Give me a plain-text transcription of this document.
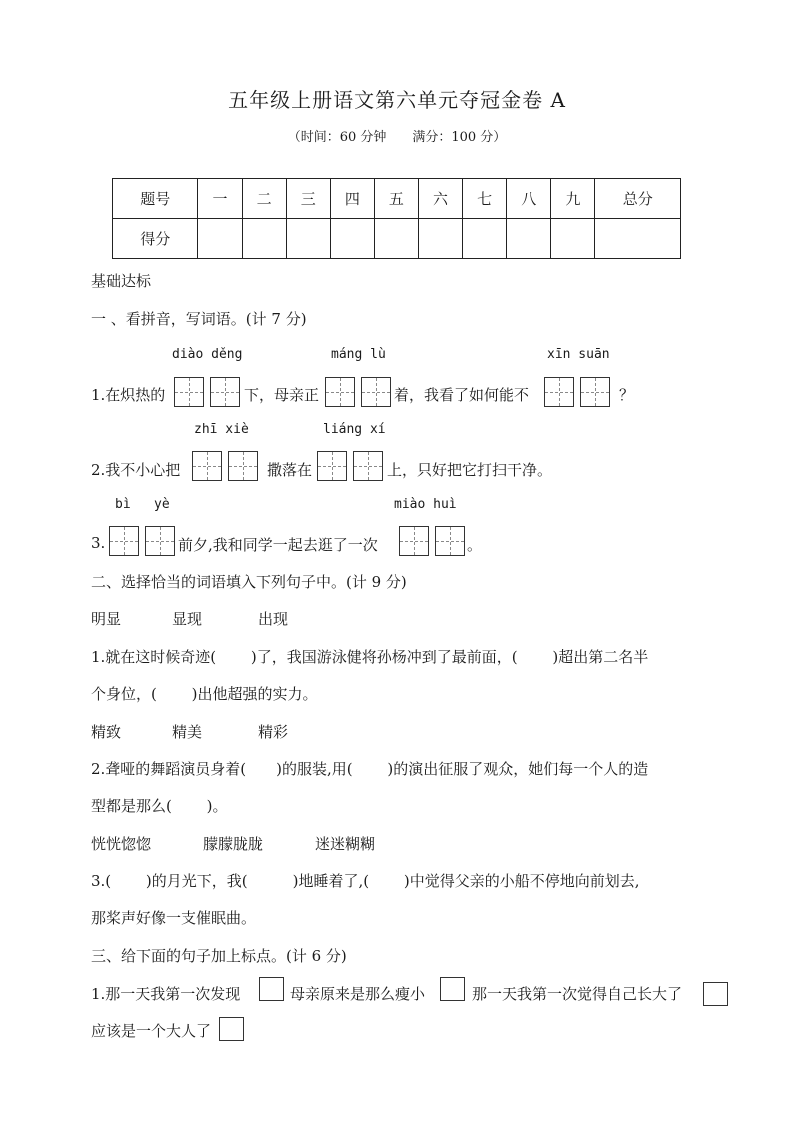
五年级上册语文第六单元夺冠金卷 A
（时间：60 分钟　　满分：100 分）
题号	一	二	三	四	五	六	七	八	九	总分
得分										
基础达标
一 、看拼音，写词语。(计 7 分)
diào děng	máng lù	xīn suān
1.在炽热的	下，母亲正	着，我看了如何能不	？
zhī xiè	liáng xí
2.我不小心把	撒落在	上，只好把它打扫干净。
bì yè	miào huì
3.	前夕,我和同学一起去逛了一次	。
二、选择恰当的词语填入下列句子中。(计 9 分)
明显	显现	出现
1.就在这时候奇迹(　　 )了，我国游泳健将孙杨冲到了最前面，(　　 )超出第二名半
个身位，(　　 )出他超强的实力。
精致	精美	精彩
2.聋哑的舞蹈演员身着(　　)的服装,用(　　 )的演出征服了观众，她们每一个人的造
型都是那么(　　 )。
恍恍惚惚	朦朦胧胧	迷迷糊糊
3.(　　 )的月光下，我(　　　)地睡着了,(　　 )中觉得父亲的小船不停地向前划去,
那桨声好像一支催眠曲。
三、给下面的句子加上标点。(计 6 分)
1.那一天我第一次发现	母亲原来是那么瘦小	那一天我第一次觉得自己长大了
应该是一个大人了
